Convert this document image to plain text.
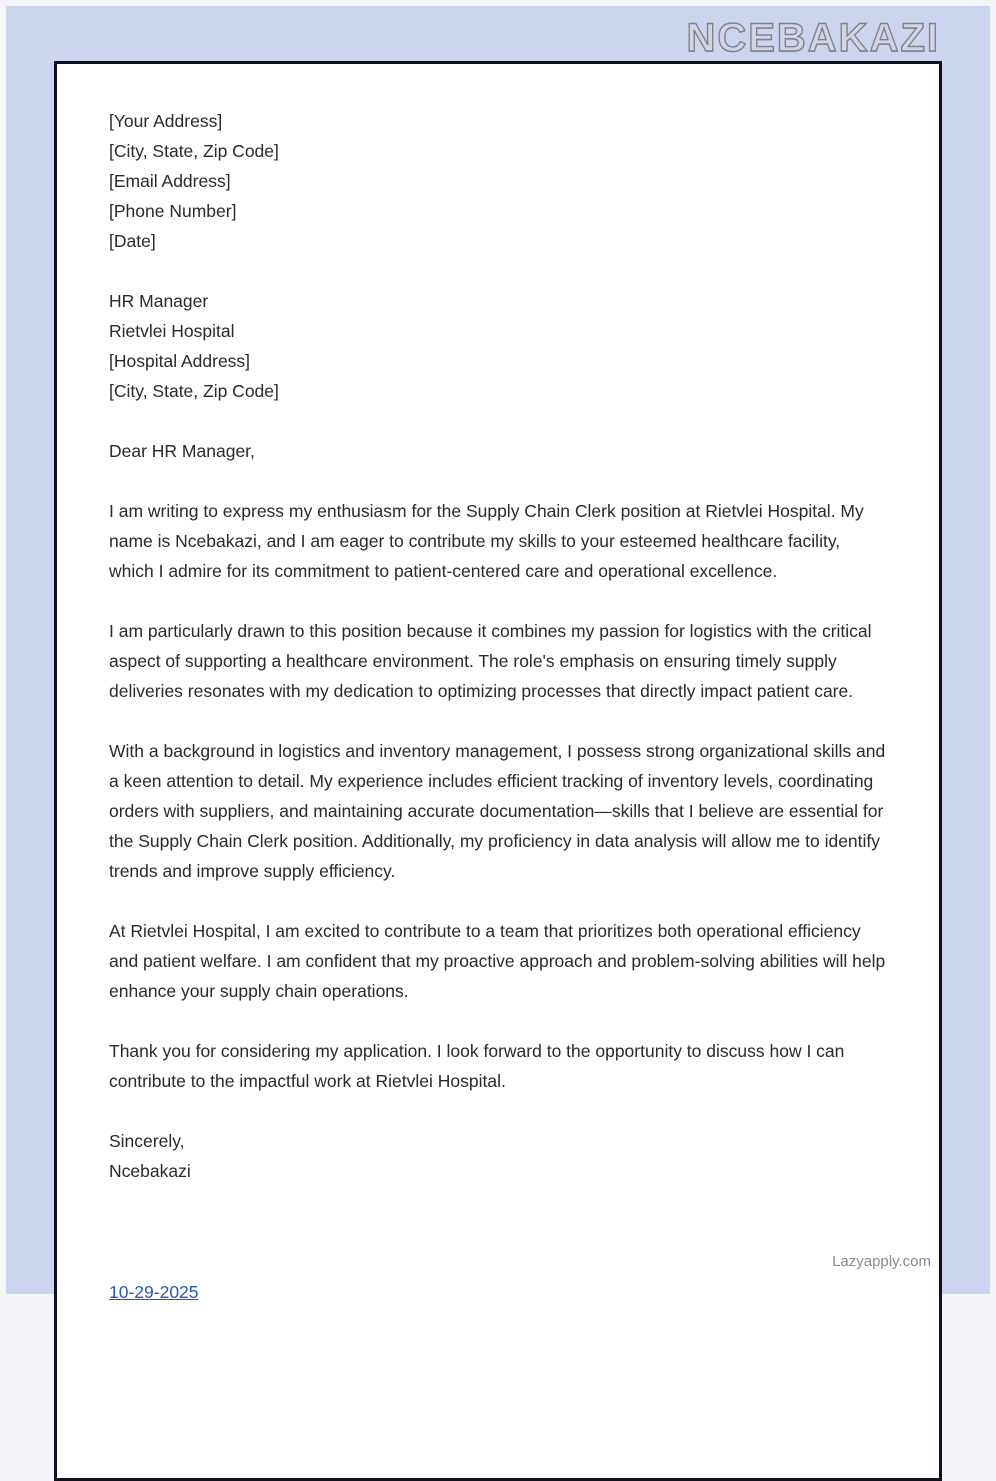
NCEBAKAZI

[Your Address]

[City, State, Zip Code]

[Email Address]

[Phone Number]

[Date]

HR Manager

Rietvlei Hospital

[Hospital Address]

[City, State, Zip Code]

Dear HR Manager,

I am writing to express my enthusiasm for the Supply Chain Clerk position at Rietvlei Hospital. My name is Ncebakazi, and I am eager to contribute my skills to your esteemed healthcare facility, which I admire for its commitment to patient-centered care and operational excellence.

I am particularly drawn to this position because it combines my passion for logistics with the critical aspect of supporting a healthcare environment. The role's emphasis on ensuring timely supply deliveries resonates with my dedication to optimizing processes that directly impact patient care.

With a background in logistics and inventory management, I possess strong organizational skills and a keen attention to detail. My experience includes efficient tracking of inventory levels, coordinating orders with suppliers, and maintaining accurate documentation—skills that I believe are essential for the Supply Chain Clerk position. Additionally, my proficiency in data analysis will allow me to identify trends and improve supply efficiency.

At Rietvlei Hospital, I am excited to contribute to a team that prioritizes both operational efficiency and patient welfare. I am confident that my proactive approach and problem-solving abilities will help enhance your supply chain operations.

Thank you for considering my application. I look forward to the opportunity to discuss how I can contribute to the impactful work at Rietvlei Hospital.

Sincerely,

Ncebakazi

Lazyapply.com
10-29-2025
